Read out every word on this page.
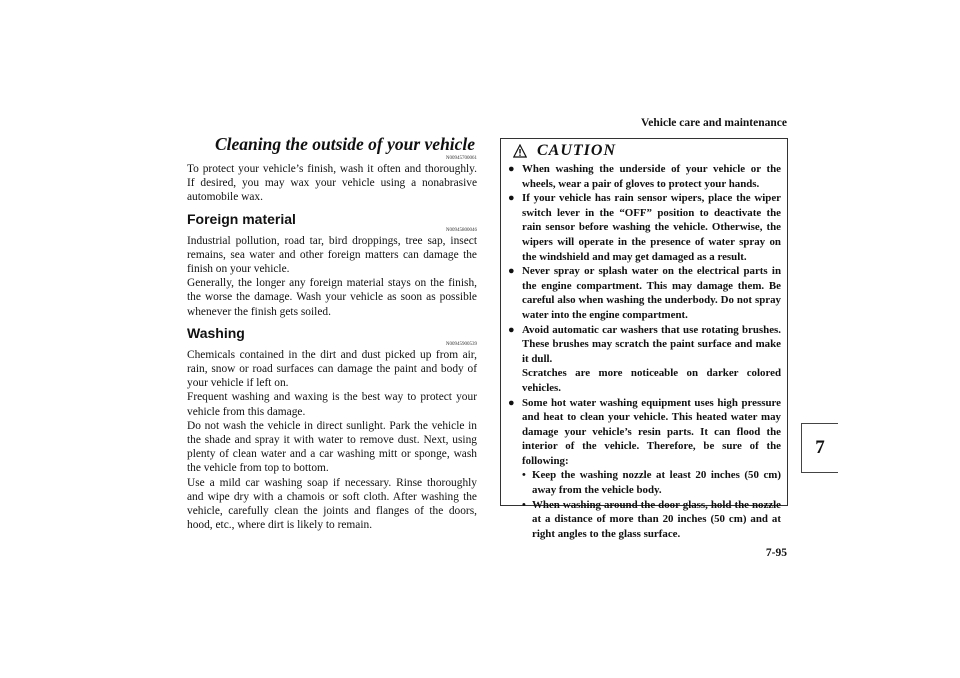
Vehicle care and maintenance
Cleaning the outside of your vehicle
N00945700061

To protect your vehicle’s finish, wash it often and thoroughly. If desired, you may wax your vehicle using a nonabrasive automobile wax.

Foreign material
N00945800046

Industrial pollution, road tar, bird droppings, tree sap, insect remains, sea water and other foreign matters can damage the finish on your vehicle.

Generally, the longer any foreign material stays on the finish, the worse the damage. Wash your vehicle as soon as possible whenever the finish gets soiled.

Washing
N00945900539

Chemicals contained in the dirt and dust picked up from air, rain, snow or road surfaces can damage the paint and body of your vehicle if left on.

Frequent washing and waxing is the best way to protect your vehicle from this damage.

Do not wash the vehicle in direct sunlight. Park the vehicle in the shade and spray it with water to remove dust. Next, using plenty of clean water and a car washing mitt or sponge, wash the vehicle from top to bottom.

Use a mild car washing soap if necessary. Rinse thoroughly and wipe dry with a chamois or soft cloth. After washing the vehicle, carefully clean the joints and flanges of the doors, hood, etc., where dirt is likely to remain.

CAUTION
● When washing the underside of your vehicle or the wheels, wear a pair of gloves to protect your hands.
● If your vehicle has rain sensor wipers, place the wiper switch lever in the “OFF” position to deactivate the rain sensor before washing the vehicle. Otherwise, the wipers will operate in the presence of water spray on the windshield and may get damaged as a result.
● Never spray or splash water on the electrical parts in the engine compartment. This may damage them. Be careful also when washing the underbody. Do not spray water into the engine compartment.
● Avoid automatic car washers that use rotating brushes. These brushes may scratch the paint surface and make it dull.
Scratches are more noticeable on darker colored vehicles.
● Some hot water washing equipment uses high pressure and heat to clean your vehicle. This heated water may damage your vehicle’s resin parts. It can flood the interior of the vehicle. Therefore, be sure of the following:
• Keep the washing nozzle at least 20 inches (50 cm) away from the vehicle body.
• When washing around the door glass, hold the nozzle at a distance of more than 20 inches (50 cm) and at right angles to the glass surface.
7
7-95
